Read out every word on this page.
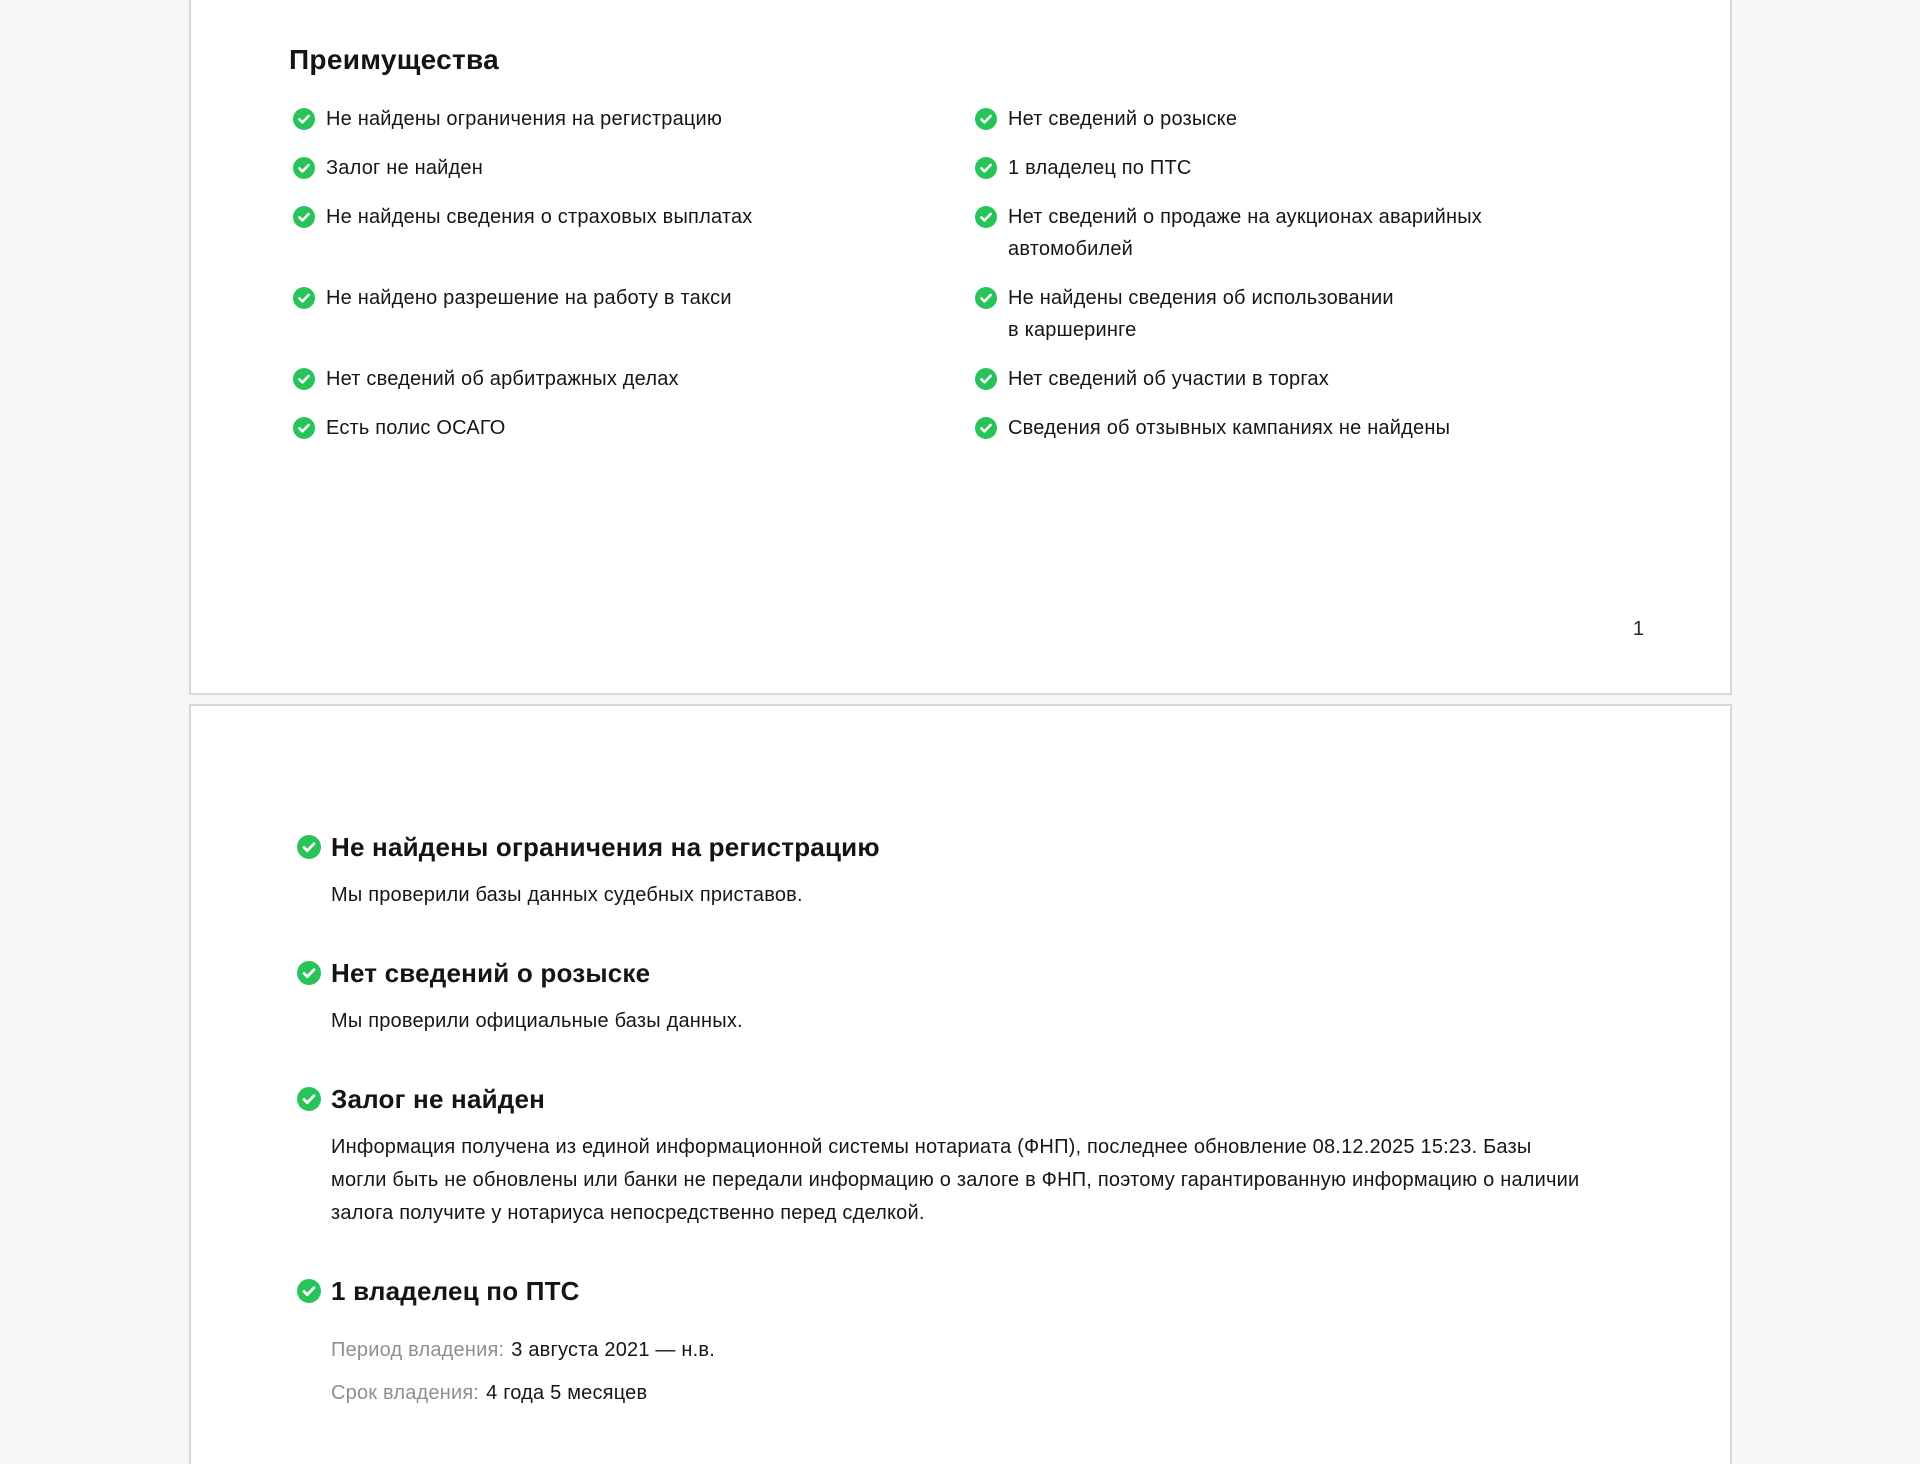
Преимущества
Не найдены ограничения на регистрацию	Нет сведений о розыске
Залог не найден	1 владелец по ПТС
Не найдены сведения о страховых выплатах	Нет сведений о продаже на аукционах аварийных
автомобилей
Не найдено разрешение на работу в такси	Не найдены сведения об использовании
в каршеринге
Нет сведений об арбитражных делах	Нет сведений об участии в торгах
Есть полис ОСАГО	Сведения об отзывных кампаниях не найдены
1
Не найдены ограничения на регистрацию
Мы проверили базы данных судебных приставов.
Нет сведений о розыске
Мы проверили официальные базы данных.
Залог не найден
Информация получена из единой информационной системы нотариата (ФНП), последнее обновление 08.12.2025 15:23. Базы могли быть не обновлены или банки не передали информацию о залоге в ФНП, поэтому гарантированную информацию о наличии залога получите у нотариуса непосредственно перед сделкой.
1 владелец по ПТС
Период владения: 3 августа 2021 — н.в.
Срок владения: 4 года 5 месяцев
